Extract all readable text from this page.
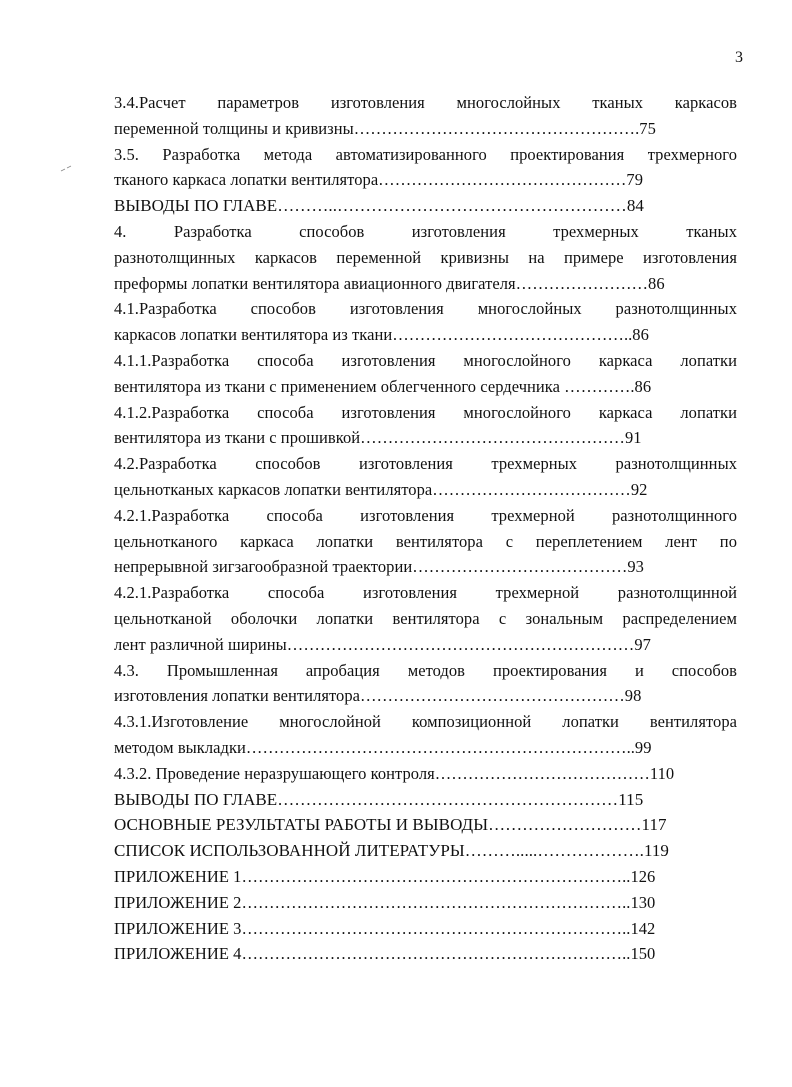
3
3.4.Расчет параметров изготовления многослойных тканых каркасов
переменной толщины и кривизны…………………………………………….75
3.5. Разработка метода автоматизированного проектирования трехмерного
тканого каркаса лопатки вентилятора………………………………………79
ВЫВОДЫ ПО ГЛАВЕ………..……………………………………………84
4. Разработка способов изготовления трехмерных тканых
разнотолщинных каркасов переменной кривизны на примере изготовления
преформы лопатки вентилятора авиационного двигателя……………………86
4.1.Разработка способов изготовления многослойных разнотолщинных
каркасов лопатки вентилятора из ткани……………………………………..86
4.1.1.Разработка способа изготовления многослойного каркаса лопатки
вентилятора из ткани с применением облегченного сердечника ………….86
4.1.2.Разработка способа изготовления многослойного каркаса лопатки
вентилятора из ткани с прошивкой…………………………………………91
4.2.Разработка способов изготовления трехмерных разнотолщинных
цельнотканых каркасов лопатки вентилятора………………………………92
4.2.1.Разработка способа изготовления трехмерной разнотолщинного
цельнотканого каркаса лопатки вентилятора с переплетением лент по
непрерывной зигзагообразной траектории…………………………………93
4.2.1.Разработка способа изготовления трехмерной разнотолщинной
цельнотканой оболочки лопатки вентилятора с зональным распределением
лент различной ширины………………………………………………………97
4.3. Промышленная апробация методов проектирования и способов
изготовления лопатки вентилятора…………………………………………98
4.3.1.Изготовление многослойной композиционной лопатки вентилятора
методом выкладки……………………………………………………………..99
4.3.2. Проведение неразрушающего контроля…………………………………110
ВЫВОДЫ ПО ГЛАВЕ……………………………………………………115
ОСНОВНЫЕ РЕЗУЛЬТАТЫ РАБОТЫ И ВЫВОДЫ………………………117
СПИСОК ИСПОЛЬЗОВАННОЙ ЛИТЕРАТУРЫ……….....……………….119
ПРИЛОЖЕНИЕ 1……………………………………………………………..126
ПРИЛОЖЕНИЕ 2……………………………………………………………..130
ПРИЛОЖЕНИЕ 3……………………………………………………………..142
ПРИЛОЖЕНИЕ 4……………………………………………………………..150
